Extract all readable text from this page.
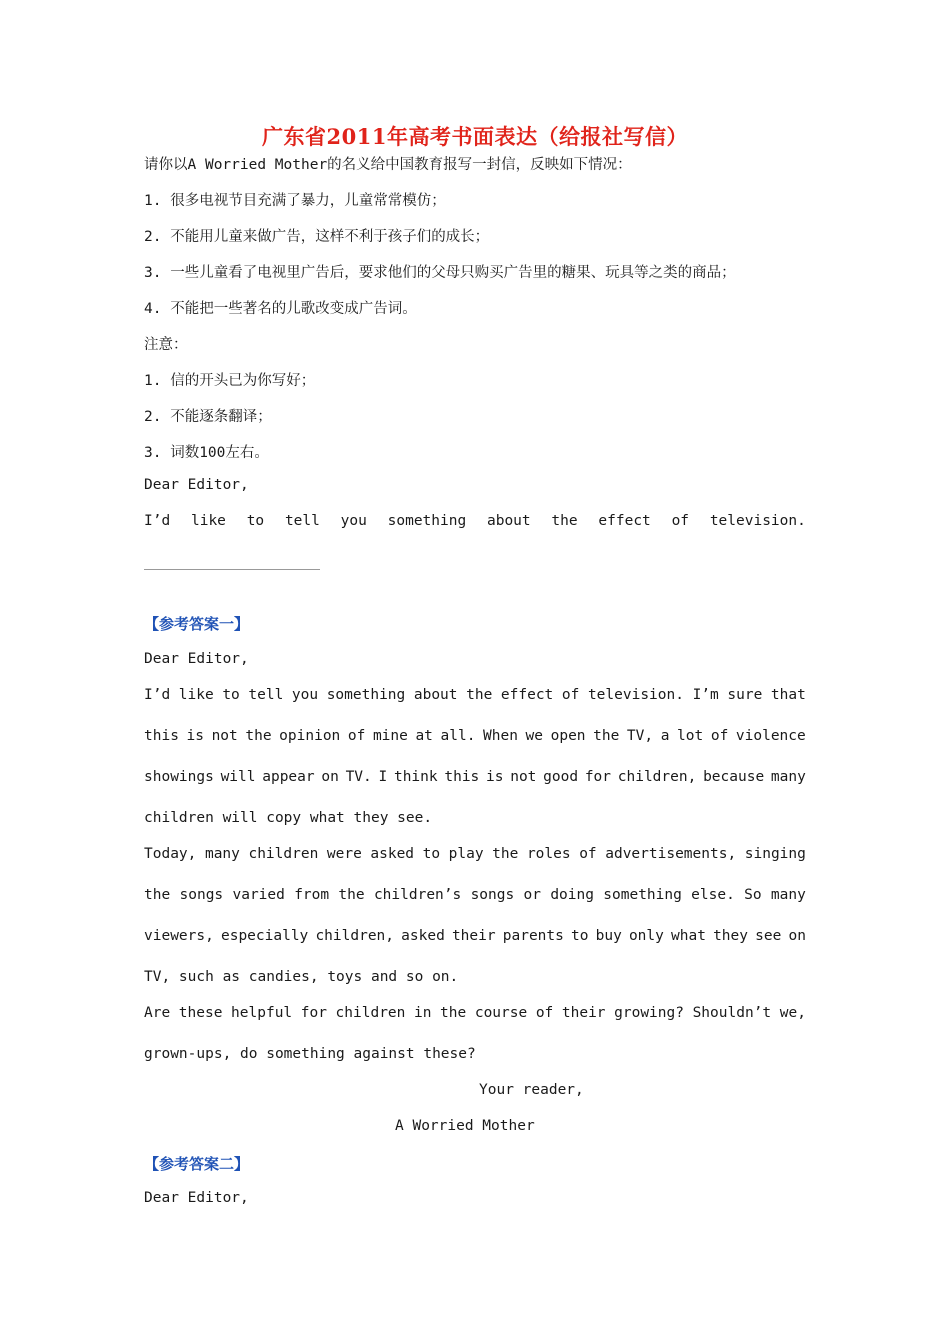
广东省2011年高考书面表达（给报社写信）
请你以A Worried Mother的名义给中国教育报写一封信，反映如下情况：
1. 很多电视节目充满了暴力，儿童常常模仿；
2. 不能用儿童来做广告，这样不利于孩子们的成长；
3. 一些儿童看了电视里广告后，要求他们的父母只购买广告里的糖果、玩具等之类的商品；
4. 不能把一些著名的儿歌改变成广告词。
注意：
1. 信的开头已为你写好；
2. 不能逐条翻译；
3. 词数100左右。
Dear Editor,
I’d like to tell you something about the effect of television.
【参考答案一】
Dear Editor,
I’d like to tell you something about the effect of television. I’m sure that
this is not the opinion of mine at all. When we open the TV, a lot of violence
showings will appear on TV. I think this is not good for children, because many
children will copy what they see.
Today, many children were asked to play the roles of advertisements, singing
the songs varied from the children’s songs or doing something else. So many
viewers, especially children, asked their parents to buy only what they see on
TV, such as candies, toys and so on.
Are these helpful for children in the course of their growing? Shouldn’t we,
grown-ups, do something against these?
Your reader,
A Worried Mother
【参考答案二】
Dear Editor,
